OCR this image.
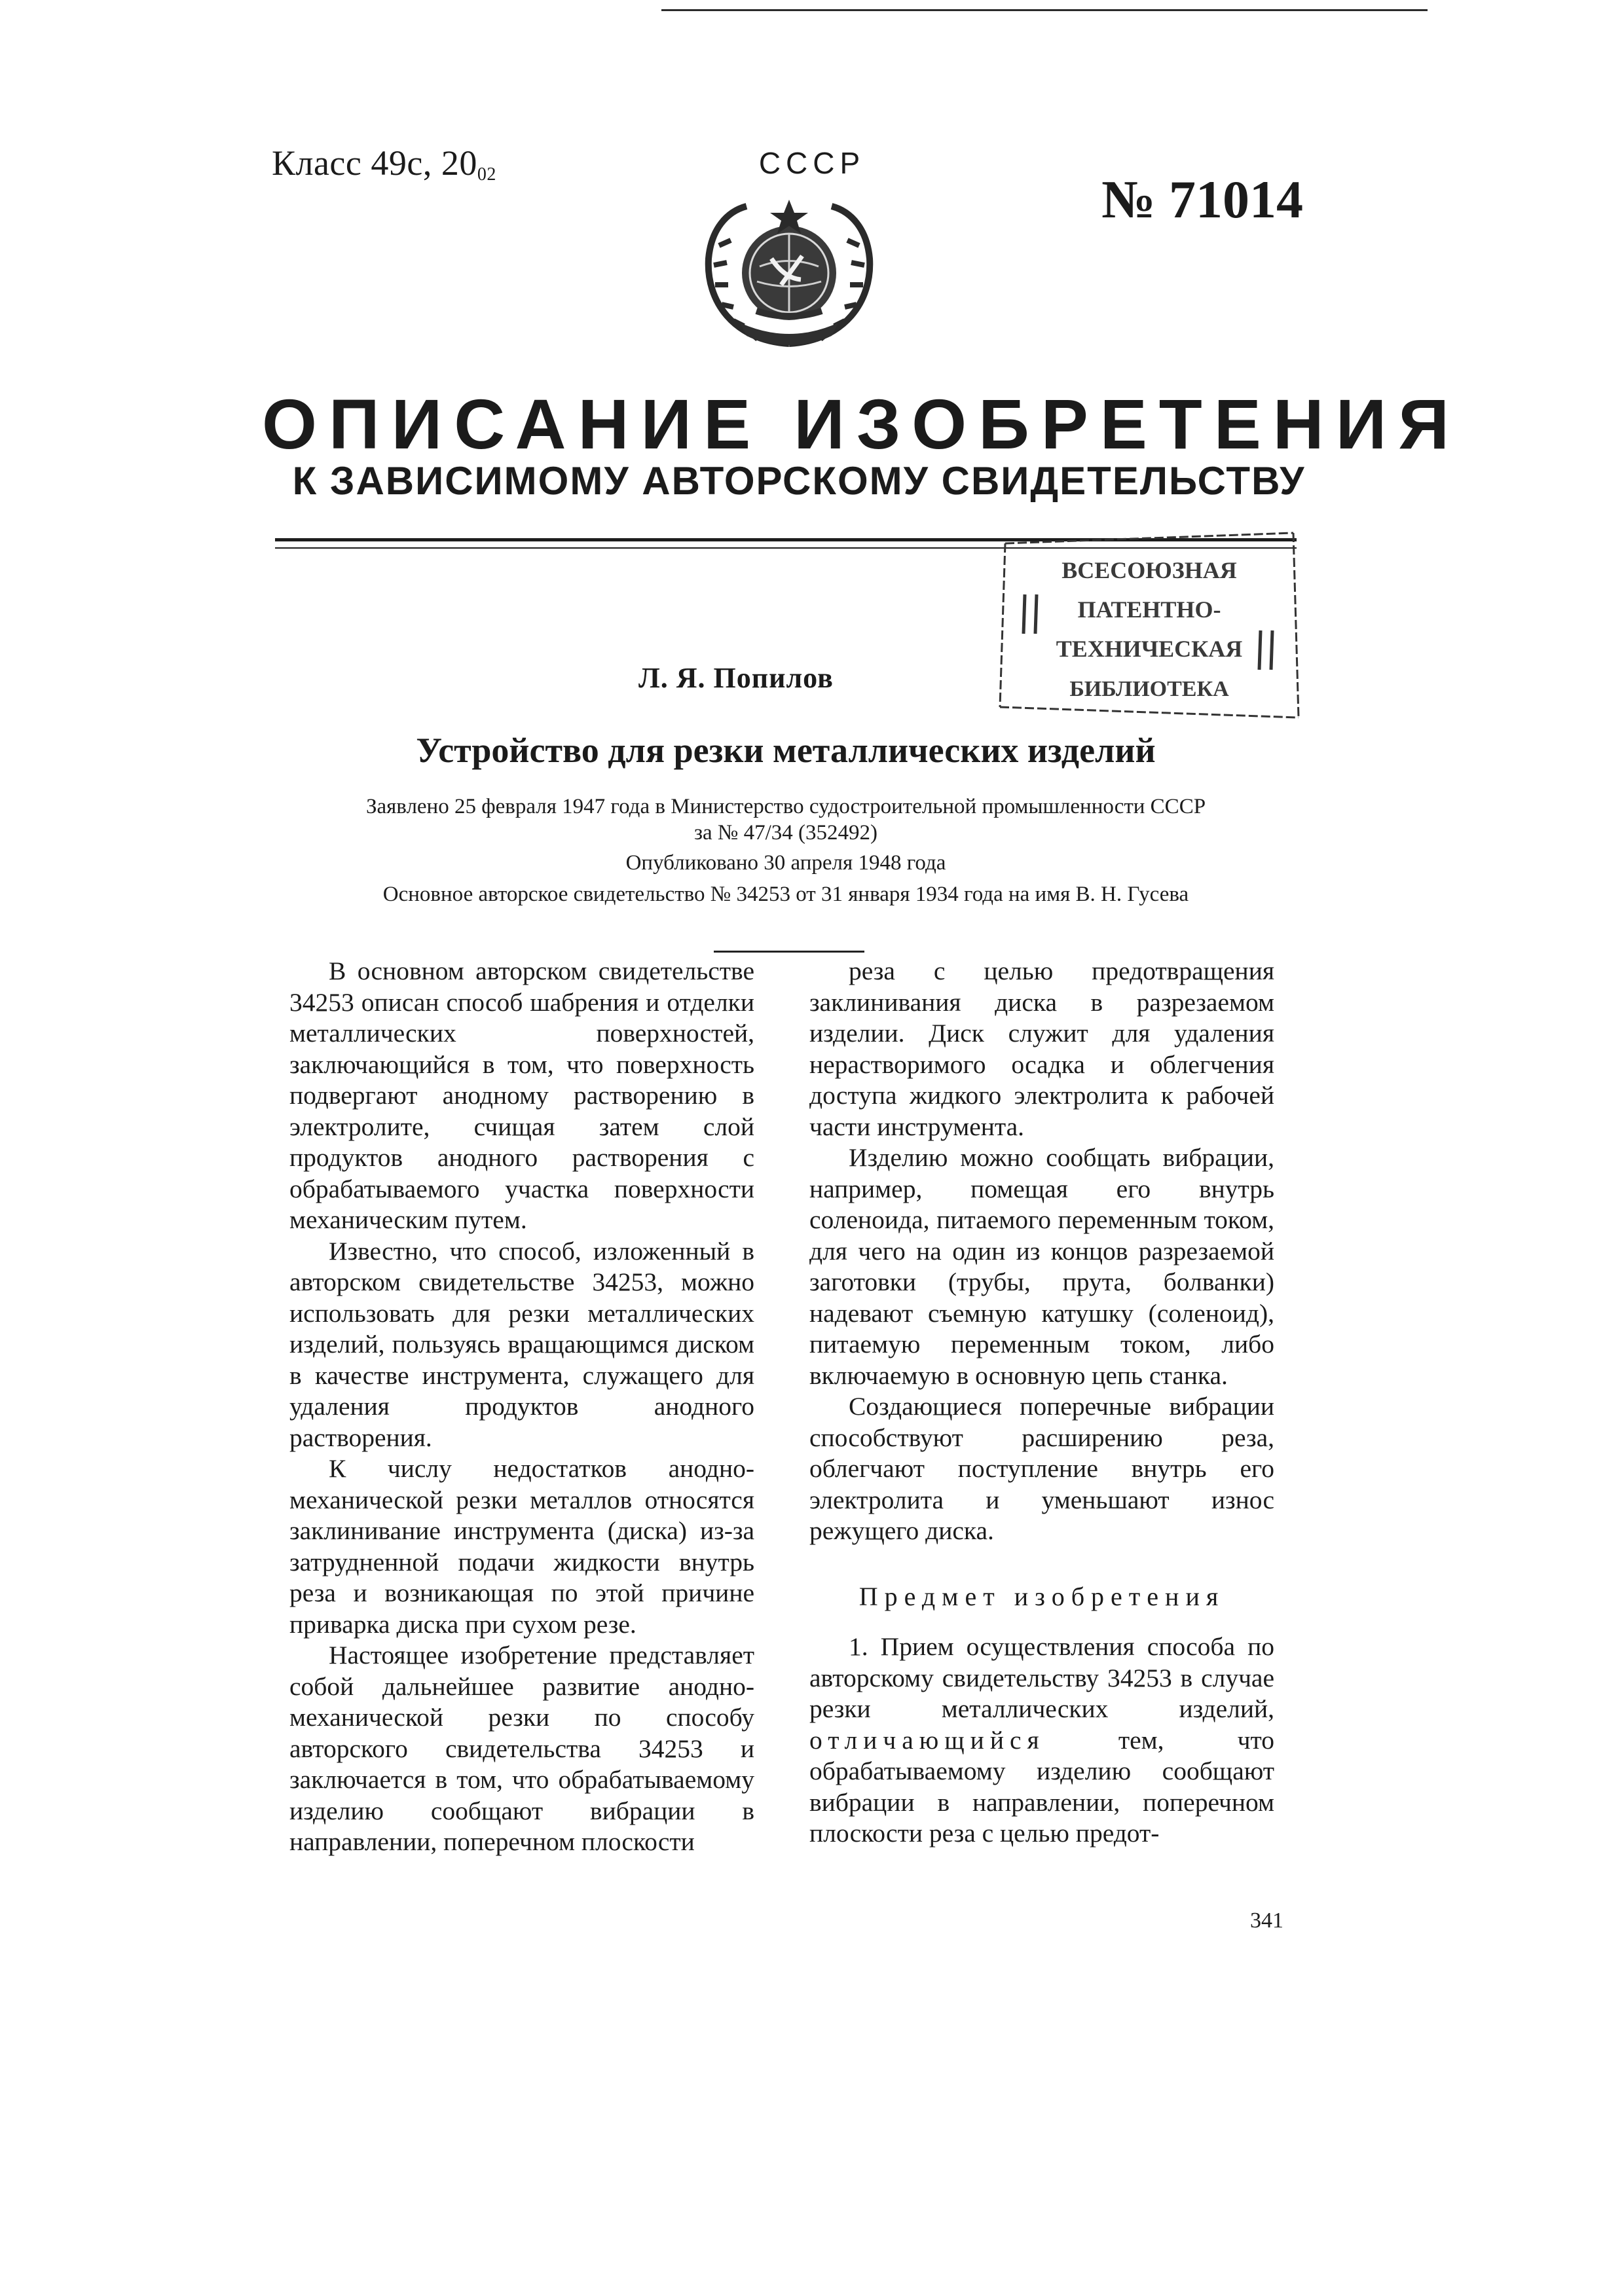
Класс 49с, $20_{02}$	СССР
№ 71014
ОПИСАНИЕ ИЗОБРЕТЕНИЯ
К ЗАВИСИМОМУ АВТОРСКОМУ СВИДЕТЕЛЬСТВУ
ВСЕСОЮЗНАЯ
ПАТЕНТНО-
ТЕХНИЧЕСКАЯ
БИБЛИОТЕКА
Л. Я. Попилов
Устройство для резки металлических изделий
Заявлено 25 февраля 1947 года в Министерство судостроительной промышленности СССР
за № 47/34 (352492)
Опубликовано 30 апреля 1948 года
Основное авторское свидетельство № 34253 от 31 января 1934 года на имя В. Н. Гусева

В основном авторском свидетельстве 34253 описан способ шабрения и отделки металлических поверхностей, заключающийся в том, что поверхность подвергают анодному растворению в электролите, счищая затем слой продуктов анодного растворения с обрабатываемого участка поверхности механическим путем.

Известно, что способ, изложенный в авторском свидетельстве 34253, можно использовать для резки металлических изделий, пользуясь вращающимся диском в качестве инструмента, служащего для удаления продуктов анодного растворения.

К числу недостатков анодно-механической резки металлов относятся заклинивание инструмента (диска) из-за затрудненной подачи жидкости внутрь реза и возникающая по этой причине приварка диска при сухом резе.

Настоящее изобретение представляет собой дальнейшее развитие анодно-механической резки по способу авторского свидетельства 34253 и заключается в том, что обрабатываемому изделию сообщают вибрации в направлении, поперечном плоскости

реза с целью предотвращения заклинивания диска в разрезаемом изделии. Диск служит для удаления нерастворимого осадка и облегчения доступа жидкого электролита к рабочей части инструмента.

Изделию можно сообщать вибрации, например, помещая его внутрь соленоида, питаемого переменным током, для чего на один из концов разрезаемой заготовки (трубы, прута, болванки) надевают съемную катушку (соленоид), питаемую переменным током, либо включаемую в основную цепь станка.

Создающиеся поперечные вибрации способствуют расширению реза, облегчают поступление внутрь его электролита и уменьшают износ режущего диска.

Предмет изобретения

1. Прием осуществления способа по авторскому свидетельству 34253 в случае резки металлических изделий, отличающийся тем, что обрабатываемому изделию сообщают вибрации в направлении, поперечном плоскости реза с целью предот-

341
